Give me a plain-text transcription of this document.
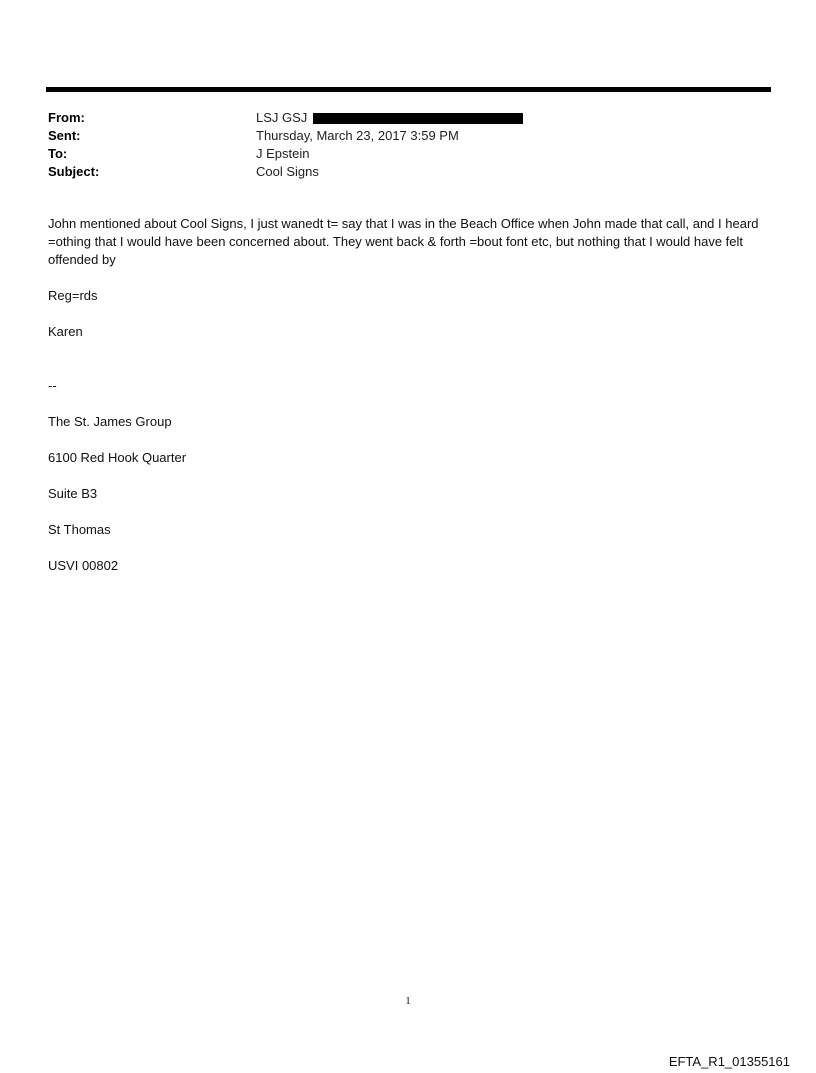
From:	LSJ GSJ
Sent:	Thursday, March 23, 2017 3:59 PM
To:	J Epstein
Subject:	Cool Signs

John mentioned about Cool Signs, I just wanedt t= say that I was in the Beach Office when John made that call, and I heard =othing that I would have been concerned about. They went back & forth =bout font etc, but nothing that I would have felt offended by

Reg=rds

Karen

--

The St. James Group

6100 Red Hook Quarter

Suite B3

St Thomas

USVI 00802

1
EFTA_R1_01355161
